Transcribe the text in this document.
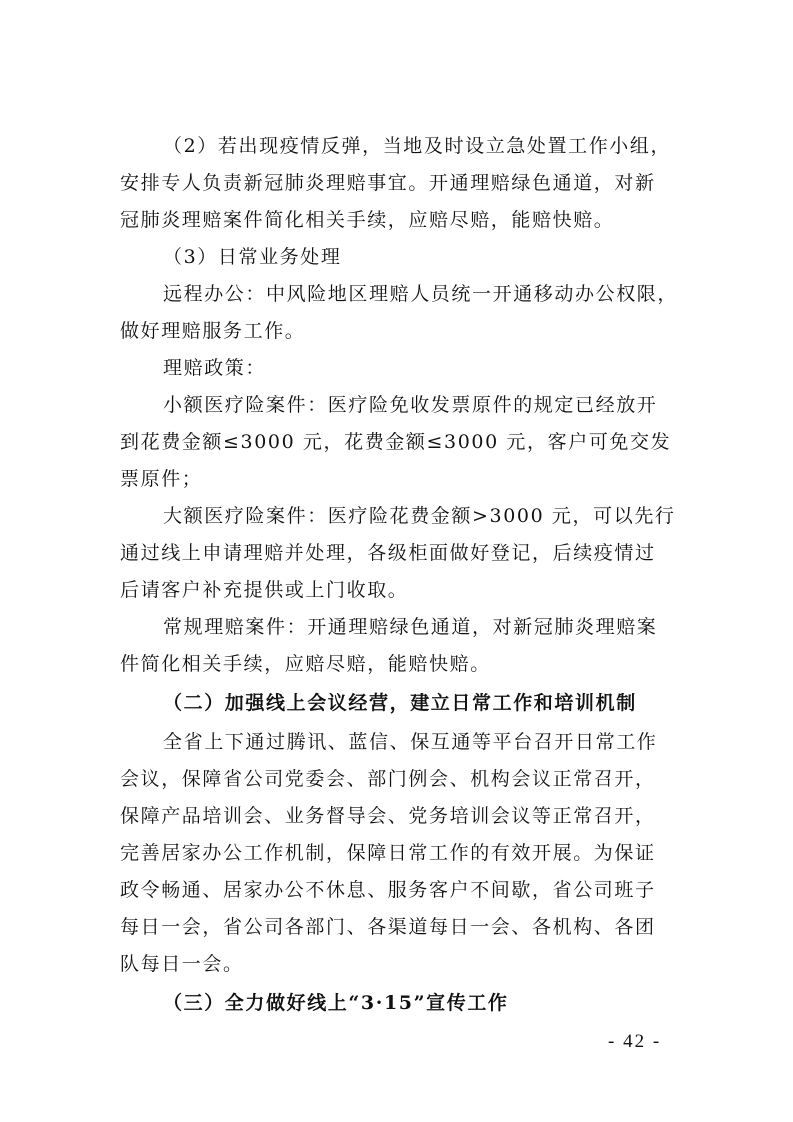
（2）若出现疫情反弹，当地及时设立急处置工作小组，
安排专人负责新冠肺炎理赔事宜。开通理赔绿色通道，对新
冠肺炎理赔案件简化相关手续，应赔尽赔，能赔快赔。
（3）日常业务处理
远程办公：中风险地区理赔人员统一开通移动办公权限，
做好理赔服务工作。
理赔政策：
小额医疗险案件：医疗险免收发票原件的规定已经放开
到花费金额≤3000 元，花费金额≤3000 元，客户可免交发
票原件；
大额医疗险案件：医疗险花费金额>3000 元，可以先行
通过线上申请理赔并处理，各级柜面做好登记，后续疫情过
后请客户补充提供或上门收取。
常规理赔案件：开通理赔绿色通道，对新冠肺炎理赔案
件简化相关手续，应赔尽赔，能赔快赔。
（二）加强线上会议经营，建立日常工作和培训机制
全省上下通过腾讯、蓝信、保互通等平台召开日常工作
会议，保障省公司党委会、部门例会、机构会议正常召开，
保障产品培训会、业务督导会、党务培训会议等正常召开，
完善居家办公工作机制，保障日常工作的有效开展。为保证
政令畅通、居家办公不休息、服务客户不间歇，省公司班子
每日一会，省公司各部门、各渠道每日一会、各机构、各团
队每日一会。
（三）全力做好线上“3·15”宣传工作
- 42 -
